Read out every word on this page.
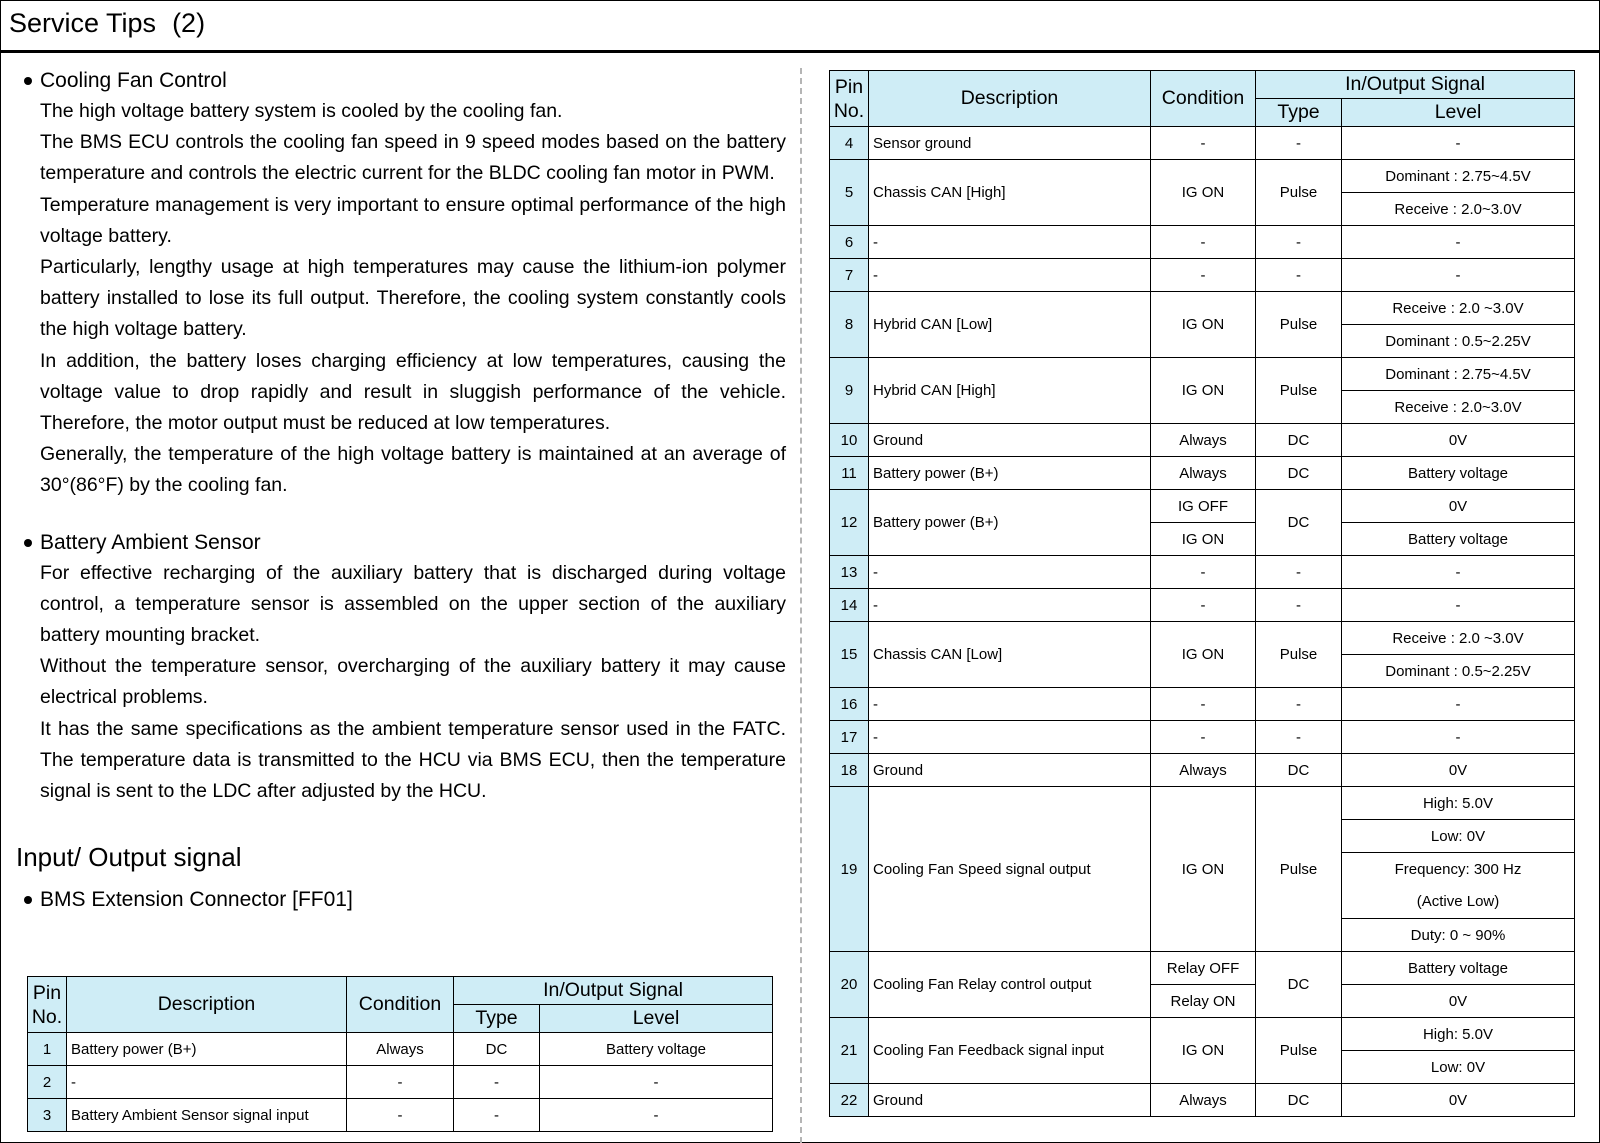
Service Tips (2)
Cooling Fan Control

The high voltage battery system is cooled by the cooling fan.

The BMS ECU controls the cooling fan speed in 9 speed modes based on the battery temperature and controls the electric current for the BLDC cooling fan motor in PWM.

Temperature management is very important to ensure optimal performance of the high voltage battery.

Particularly, lengthy usage at high temperatures may cause the lithium-ion polymer battery installed to lose its full output. Therefore, the cooling system constantly cools the high voltage battery.

In addition, the battery loses charging efficiency at low temperatures, causing the voltage value to drop rapidly and result in sluggish performance of the vehicle. Therefore, the motor output must be reduced at low temperatures.

Generally, the temperature of the high voltage battery is maintained at an average of 30°(86°F) by the cooling fan.

Battery Ambient Sensor

For effective recharging of the auxiliary battery that is discharged during voltage control, a temperature sensor is assembled on the upper section of the auxiliary battery mounting bracket.

Without the temperature sensor, overcharging of the auxiliary battery it may cause electrical problems.

It has the same specifications as the ambient temperature sensor used in the FATC. The temperature data is transmitted to the HCU via BMS ECU, then the temperature signal is sent to the LDC after adjusted by the HCU.

Input/ Output signal
BMS Extension Connector [FF01]
Pin No.	Description	Condition	In/Output Signal	
			Type	Level
1	Battery power (B+)	Always	DC	Battery voltage
2	-	-	-	-
3	Battery Ambient Sensor signal input	-	-	-
Pin No.	Description	Condition	In/Output Signal	
			Type	Level
4	Sensor ground	-	-	-
5	Chassis CAN [High]	IG ON	Pulse	Dominant : 2.75~4.5V
				Receive : 2.0~3.0V
6	-	-	-	-
7	-	-	-	-
8	Hybrid CAN [Low]	IG ON	Pulse	Receive : 2.0 ~3.0V
				Dominant : 0.5~2.25V
9	Hybrid CAN [High]	IG ON	Pulse	Dominant : 2.75~4.5V
				Receive : 2.0~3.0V
10	Ground	Always	DC	0V
11	Battery power (B+)	Always	DC	Battery voltage
12	Battery power (B+)	IG OFF	DC	0V
		IG ON		Battery voltage
13	-	-	-	-
14	-	-	-	-
15	Chassis CAN [Low]	IG ON	Pulse	Receive : 2.0 ~3.0V
				Dominant : 0.5~2.25V
16	-	-	-	-
17	-	-	-	-
18	Ground	Always	DC	0V
19	Cooling Fan Speed signal output	IG ON	Pulse	High: 5.0V
				Low: 0V
				Frequency: 300 Hz
				(Active Low)
				Duty: 0 ~ 90%
20	Cooling Fan Relay control output	Relay OFF	DC	Battery voltage
		Relay ON		0V
21	Cooling Fan Feedback signal input	IG ON	Pulse	High: 5.0V
				Low: 0V
22	Ground	Always	DC	0V
